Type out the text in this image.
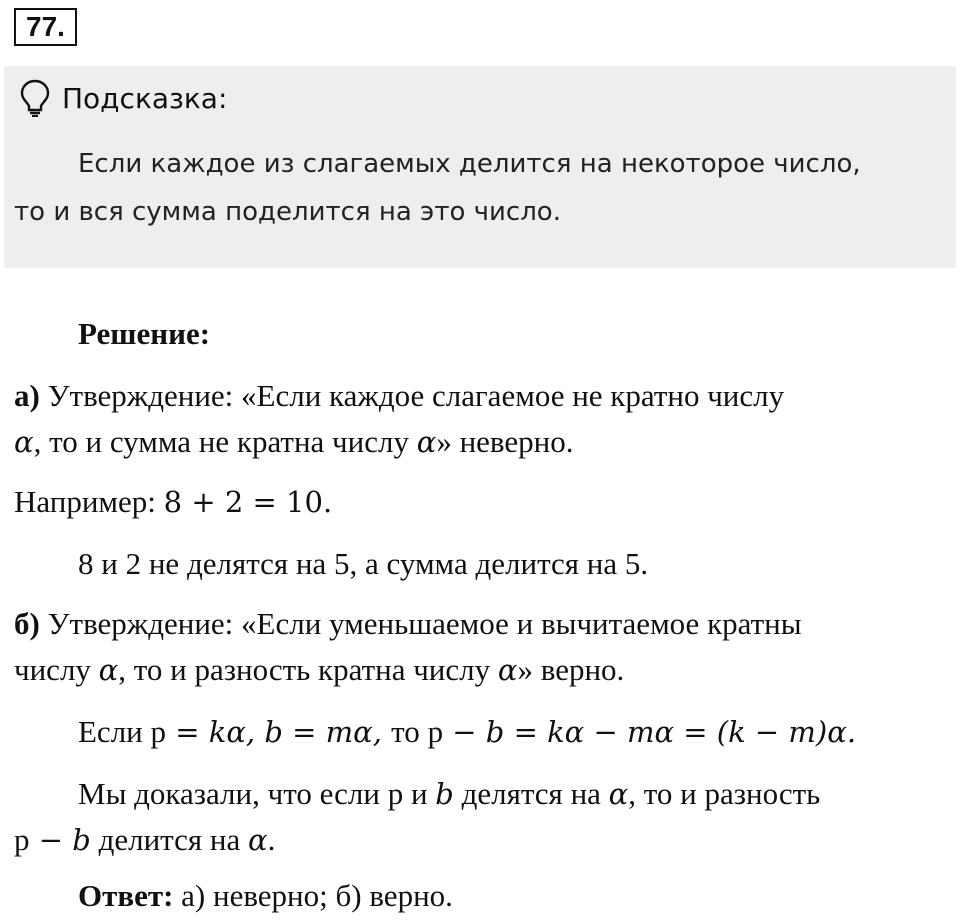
77.
Подсказка:
Если каждое из слагаемых делится на некоторое число,
то и вся сумма поделится на это число.
Решение:
а) Утверждение: «Если каждое слагаемое не кратно числу
α, то и сумма не кратна числу α» неверно.
Например: 8 + 2 = 10.
8 и 2 не делятся на 5, а сумма делится на 5.
б) Утверждение: «Если уменьшаемое и вычитаемое кратны
числу α, то и разность кратна числу α» верно.
Если р = kα, b = mα, то р − b = kα − mα = (k − m)α.
Мы доказали, что если р и b делятся на α, то и разность
р − b делится на α.
Ответ: а) неверно; б) верно.
